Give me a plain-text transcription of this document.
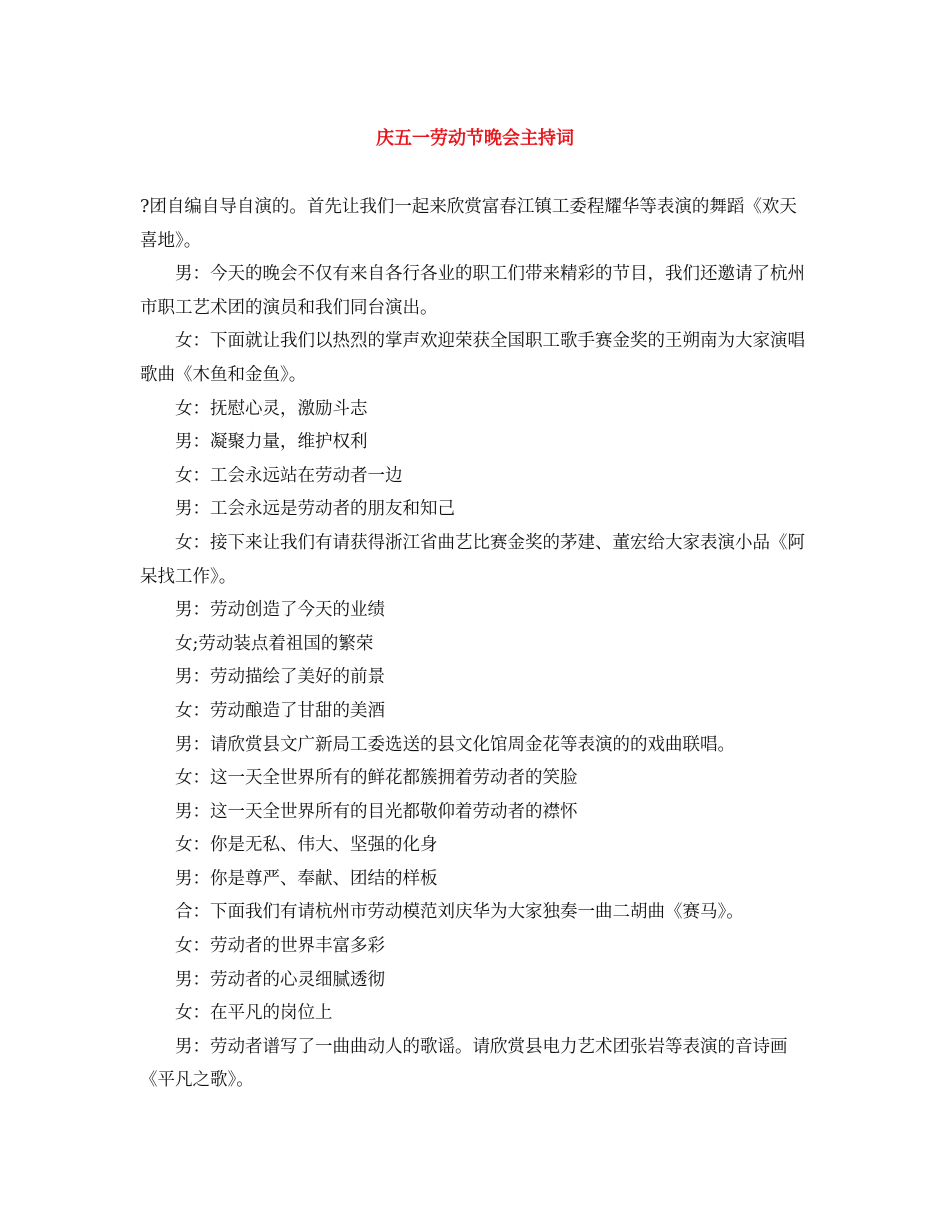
庆五一劳动节晚会主持词

?团自编自导自演的。首先让我们一起来欣赏富春江镇工委程耀华等表演的舞蹈《欢天喜地》。

男：今天的晚会不仅有来自各行各业的职工们带来精彩的节目，我们还邀请了杭州市职工艺术团的演员和我们同台演出。

女：下面就让我们以热烈的掌声欢迎荣获全国职工歌手赛金奖的王朔南为大家演唱歌曲《木鱼和金鱼》。

女：抚慰心灵，激励斗志

男：凝聚力量，维护权利

女：工会永远站在劳动者一边

男：工会永远是劳动者的朋友和知己

女：接下来让我们有请获得浙江省曲艺比赛金奖的茅建、董宏给大家表演小品《阿呆找工作》。

男：劳动创造了今天的业绩

女;劳动装点着祖国的繁荣

男：劳动描绘了美好的前景

女：劳动酿造了甘甜的美酒

男：请欣赏县文广新局工委选送的县文化馆周金花等表演的的戏曲联唱。

女：这一天全世界所有的鲜花都簇拥着劳动者的笑脸

男：这一天全世界所有的目光都敬仰着劳动者的襟怀

女：你是无私、伟大、坚强的化身

男：你是尊严、奉献、团结的样板

合：下面我们有请杭州市劳动模范刘庆华为大家独奏一曲二胡曲《赛马》。

女：劳动者的世界丰富多彩

男：劳动者的心灵细腻透彻

女：在平凡的岗位上

男：劳动者谱写了一曲曲动人的歌谣。请欣赏县电力艺术团张岩等表演的音诗画《平凡之歌》。
